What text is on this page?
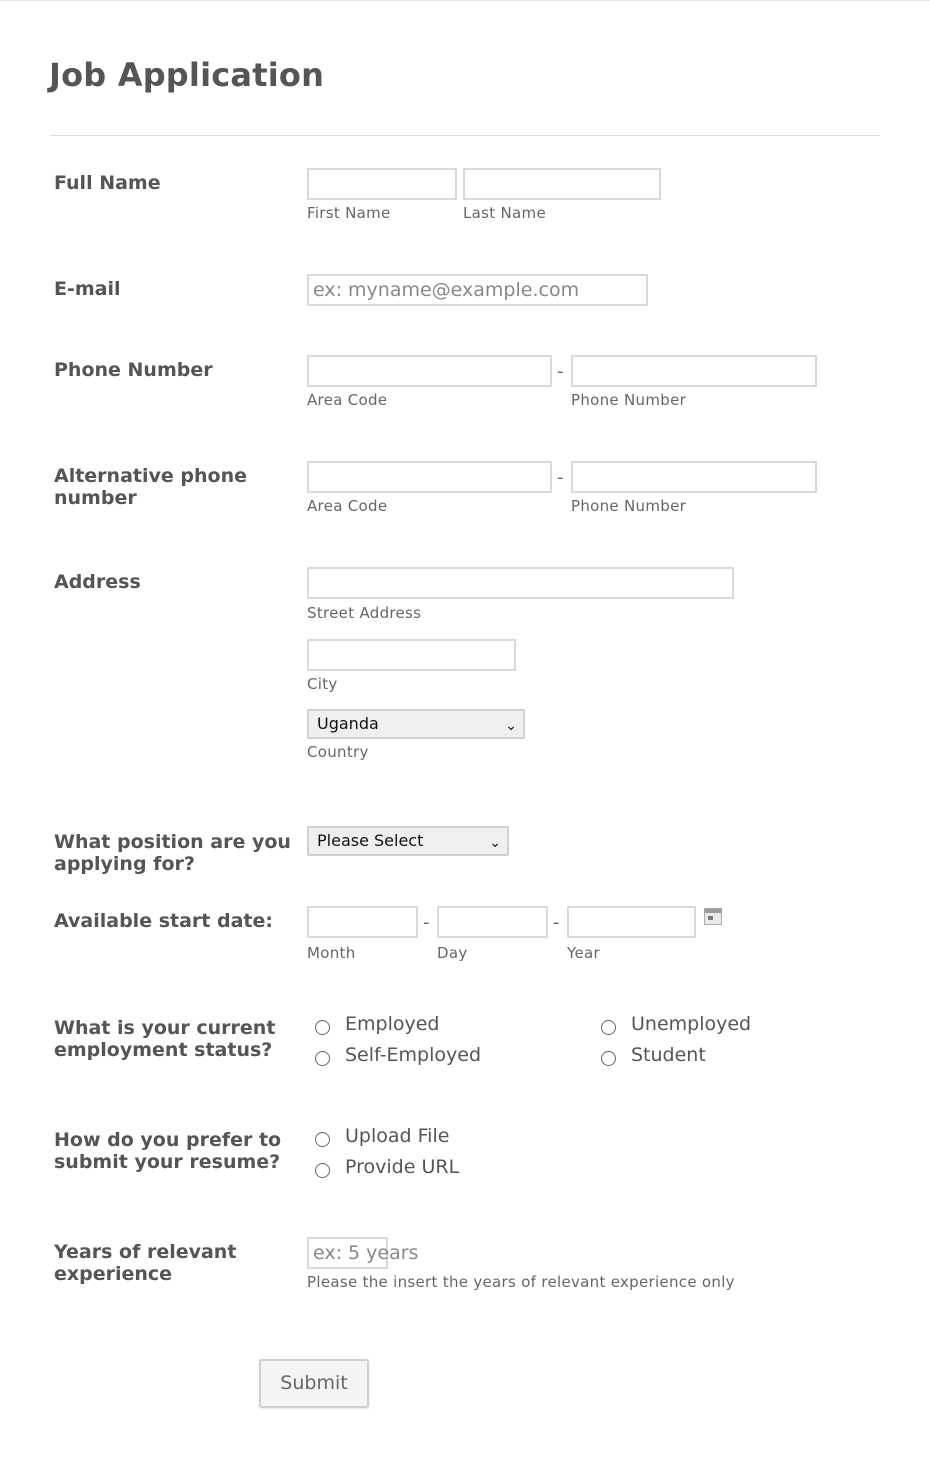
Job Application
Full Name
First Name	Last Name
E-mail	ex: myname@example.com
Phone Number	-
Area Code	Phone Number
Alternative phone number
-
Area Code	Phone Number
Address
Street Address
City
Uganda	⌄
Country
What position are you applying for?
Please Select	⌄
Available start date:	-	-
Month	Day	Year
What is your current employment status?
Employed	Unemployed
Self-Employed	Student
How do you prefer to submit your resume?
Upload File
Provide URL
Years of relevant experience
ex: 5 years
Please the insert the years of relevant experience only
Submit
